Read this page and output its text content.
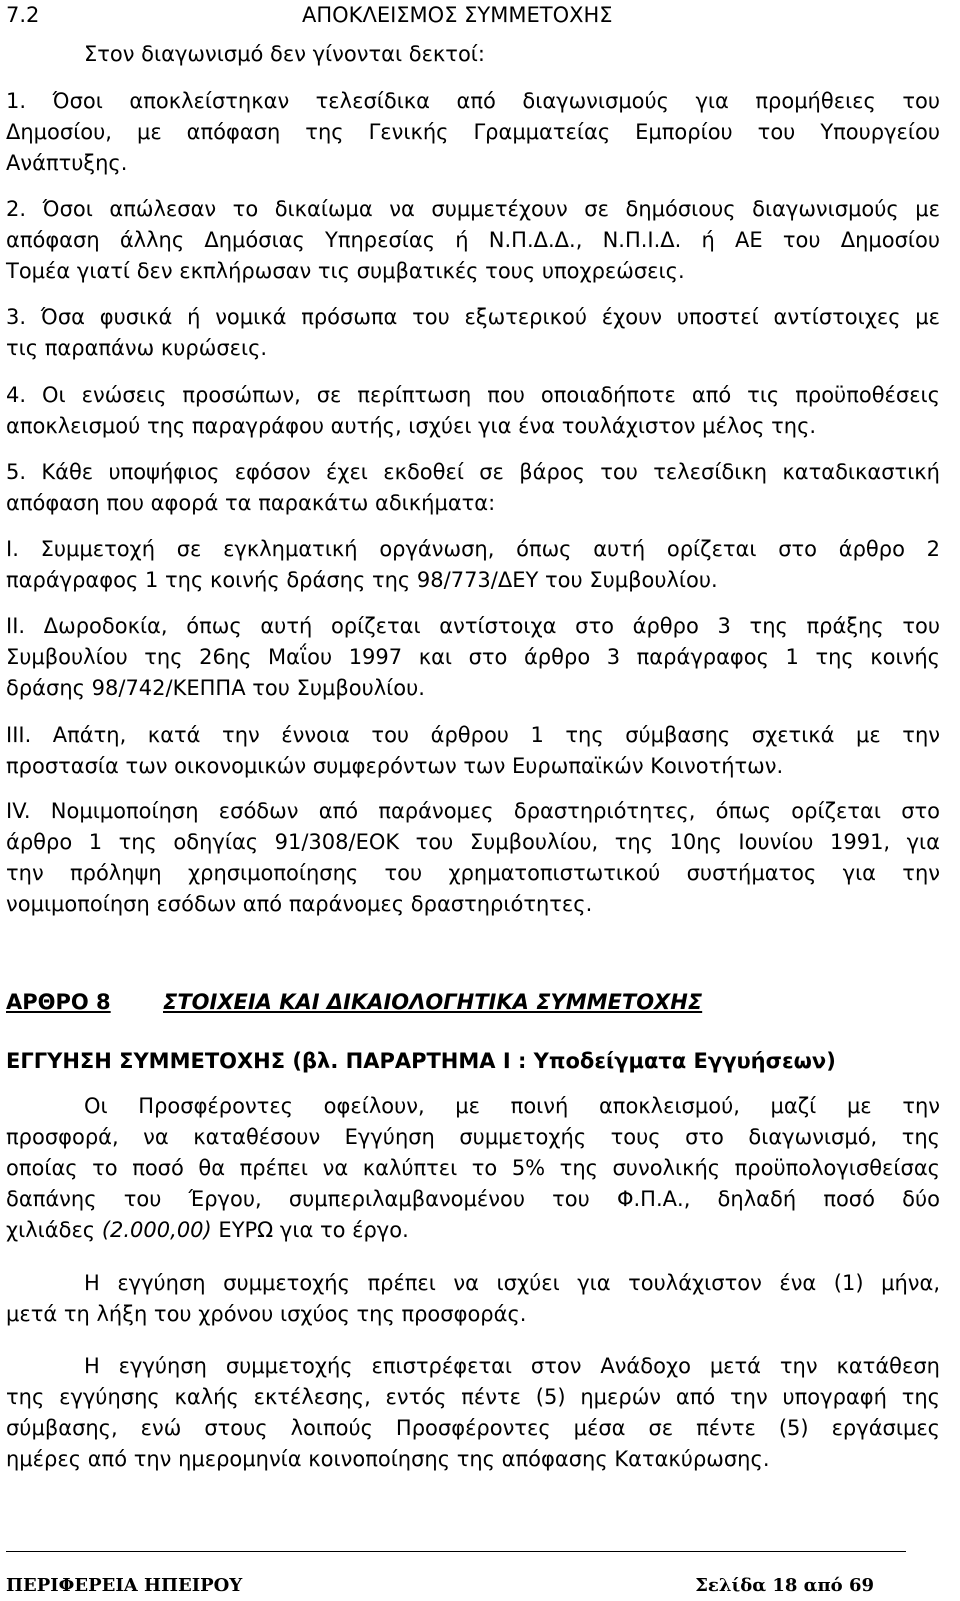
7.2	ΑΠΟΚΛΕΙΣΜΟΣ ΣΥΜΜΕΤΟΧΗΣ
Στον διαγωνισμό δεν γίνονται δεκτοί:
1. Όσοι αποκλείστηκαν τελεσίδικα από διαγωνισμούς για προμήθειες του
Δημοσίου, με απόφαση της Γενικής Γραμματείας Εμπορίου του Υπουργείου
Ανάπτυξης.
2. Όσοι απώλεσαν το δικαίωμα να συμμετέχουν σε δημόσιους διαγωνισμούς με
απόφαση άλλης Δημόσιας Υπηρεσίας ή Ν.Π.Δ.Δ., Ν.Π.Ι.Δ. ή ΑΕ του Δημοσίου
Τομέα γιατί δεν εκπλήρωσαν τις συμβατικές τους υποχρεώσεις.
3. Όσα φυσικά ή νομικά πρόσωπα του εξωτερικού έχουν υποστεί αντίστοιχες με
τις παραπάνω κυρώσεις.
4. Οι ενώσεις προσώπων, σε περίπτωση που οποιαδήποτε από τις προϋποθέσεις
αποκλεισμού της παραγράφου αυτής, ισχύει για ένα τουλάχιστον μέλος της.
5. Κάθε υποψήφιος εφόσον έχει εκδοθεί σε βάρος του τελεσίδικη καταδικαστική
απόφαση που αφορά τα παρακάτω αδικήματα:
Ι. Συμμετοχή σε εγκληματική οργάνωση, όπως αυτή ορίζεται στο άρθρο 2
παράγραφος 1 της κοινής δράσης της 98/773/ΔΕΥ του Συμβουλίου.
ΙΙ. Δωροδοκία, όπως αυτή ορίζεται αντίστοιχα στο άρθρο 3 της πράξης του
Συμβουλίου της 26ης Μαΐου 1997 και στο άρθρο 3 παράγραφος 1 της κοινής
δράσης 98/742/ΚΕΠΠΑ του Συμβουλίου.
ΙΙΙ. Απάτη, κατά την έννοια του άρθρου 1 της σύμβασης σχετικά με την
προστασία των οικονομικών συμφερόντων των Ευρωπαϊκών Κοινοτήτων.
IV. Νομιμοποίηση εσόδων από παράνομες δραστηριότητες, όπως ορίζεται στο
άρθρο 1 της οδηγίας 91/308/ΕΟΚ του Συμβουλίου, της 10ης Ιουνίου 1991, για
την πρόληψη χρησιμοποίησης του χρηματοπιστωτικού συστήματος για την
νομιμοποίηση εσόδων από παράνομες δραστηριότητες.
ΑΡΘΡΟ 8 ΣΤΟΙΧΕΙΑ ΚΑΙ ΔΙΚΑΙΟΛΟΓΗΤΙΚΑ ΣΥΜΜΕΤΟΧΗΣ
ΕΓΓΥΗΣΗ ΣΥΜΜΕΤΟΧΗΣ (βλ. ΠΑΡΑΡΤΗΜΑ Ι : Υποδείγματα Εγγυήσεων)
Οι Προσφέροντες οφείλουν, με ποινή αποκλεισμού, μαζί με την
προσφορά, να καταθέσουν Εγγύηση συμμετοχής τους στο διαγωνισμό, της
οποίας το ποσό θα πρέπει να καλύπτει το 5% της συνολικής προϋπολογισθείσας
δαπάνης του Έργου, συμπεριλαμβανομένου του Φ.Π.Α., δηλαδή ποσό δύο
χιλιάδες (2.000,00) ΕΥΡΩ για το έργο.
Η εγγύηση συμμετοχής πρέπει να ισχύει για τουλάχιστον ένα (1) μήνα,
μετά τη λήξη του χρόνου ισχύος της προσφοράς.
Η εγγύηση συμμετοχής επιστρέφεται στον Ανάδοχο μετά την κατάθεση
της εγγύησης καλής εκτέλεσης, εντός πέντε (5) ημερών από την υπογραφή της
σύμβασης, ενώ στους λοιπούς Προσφέροντες μέσα σε πέντε (5) εργάσιμες
ημέρες από την ημερομηνία κοινοποίησης της απόφασης Κατακύρωσης.
ΠΕΡΙΦΕΡΕΙΑ ΗΠΕΙΡΟΥ	Σελίδα 18 από 69
